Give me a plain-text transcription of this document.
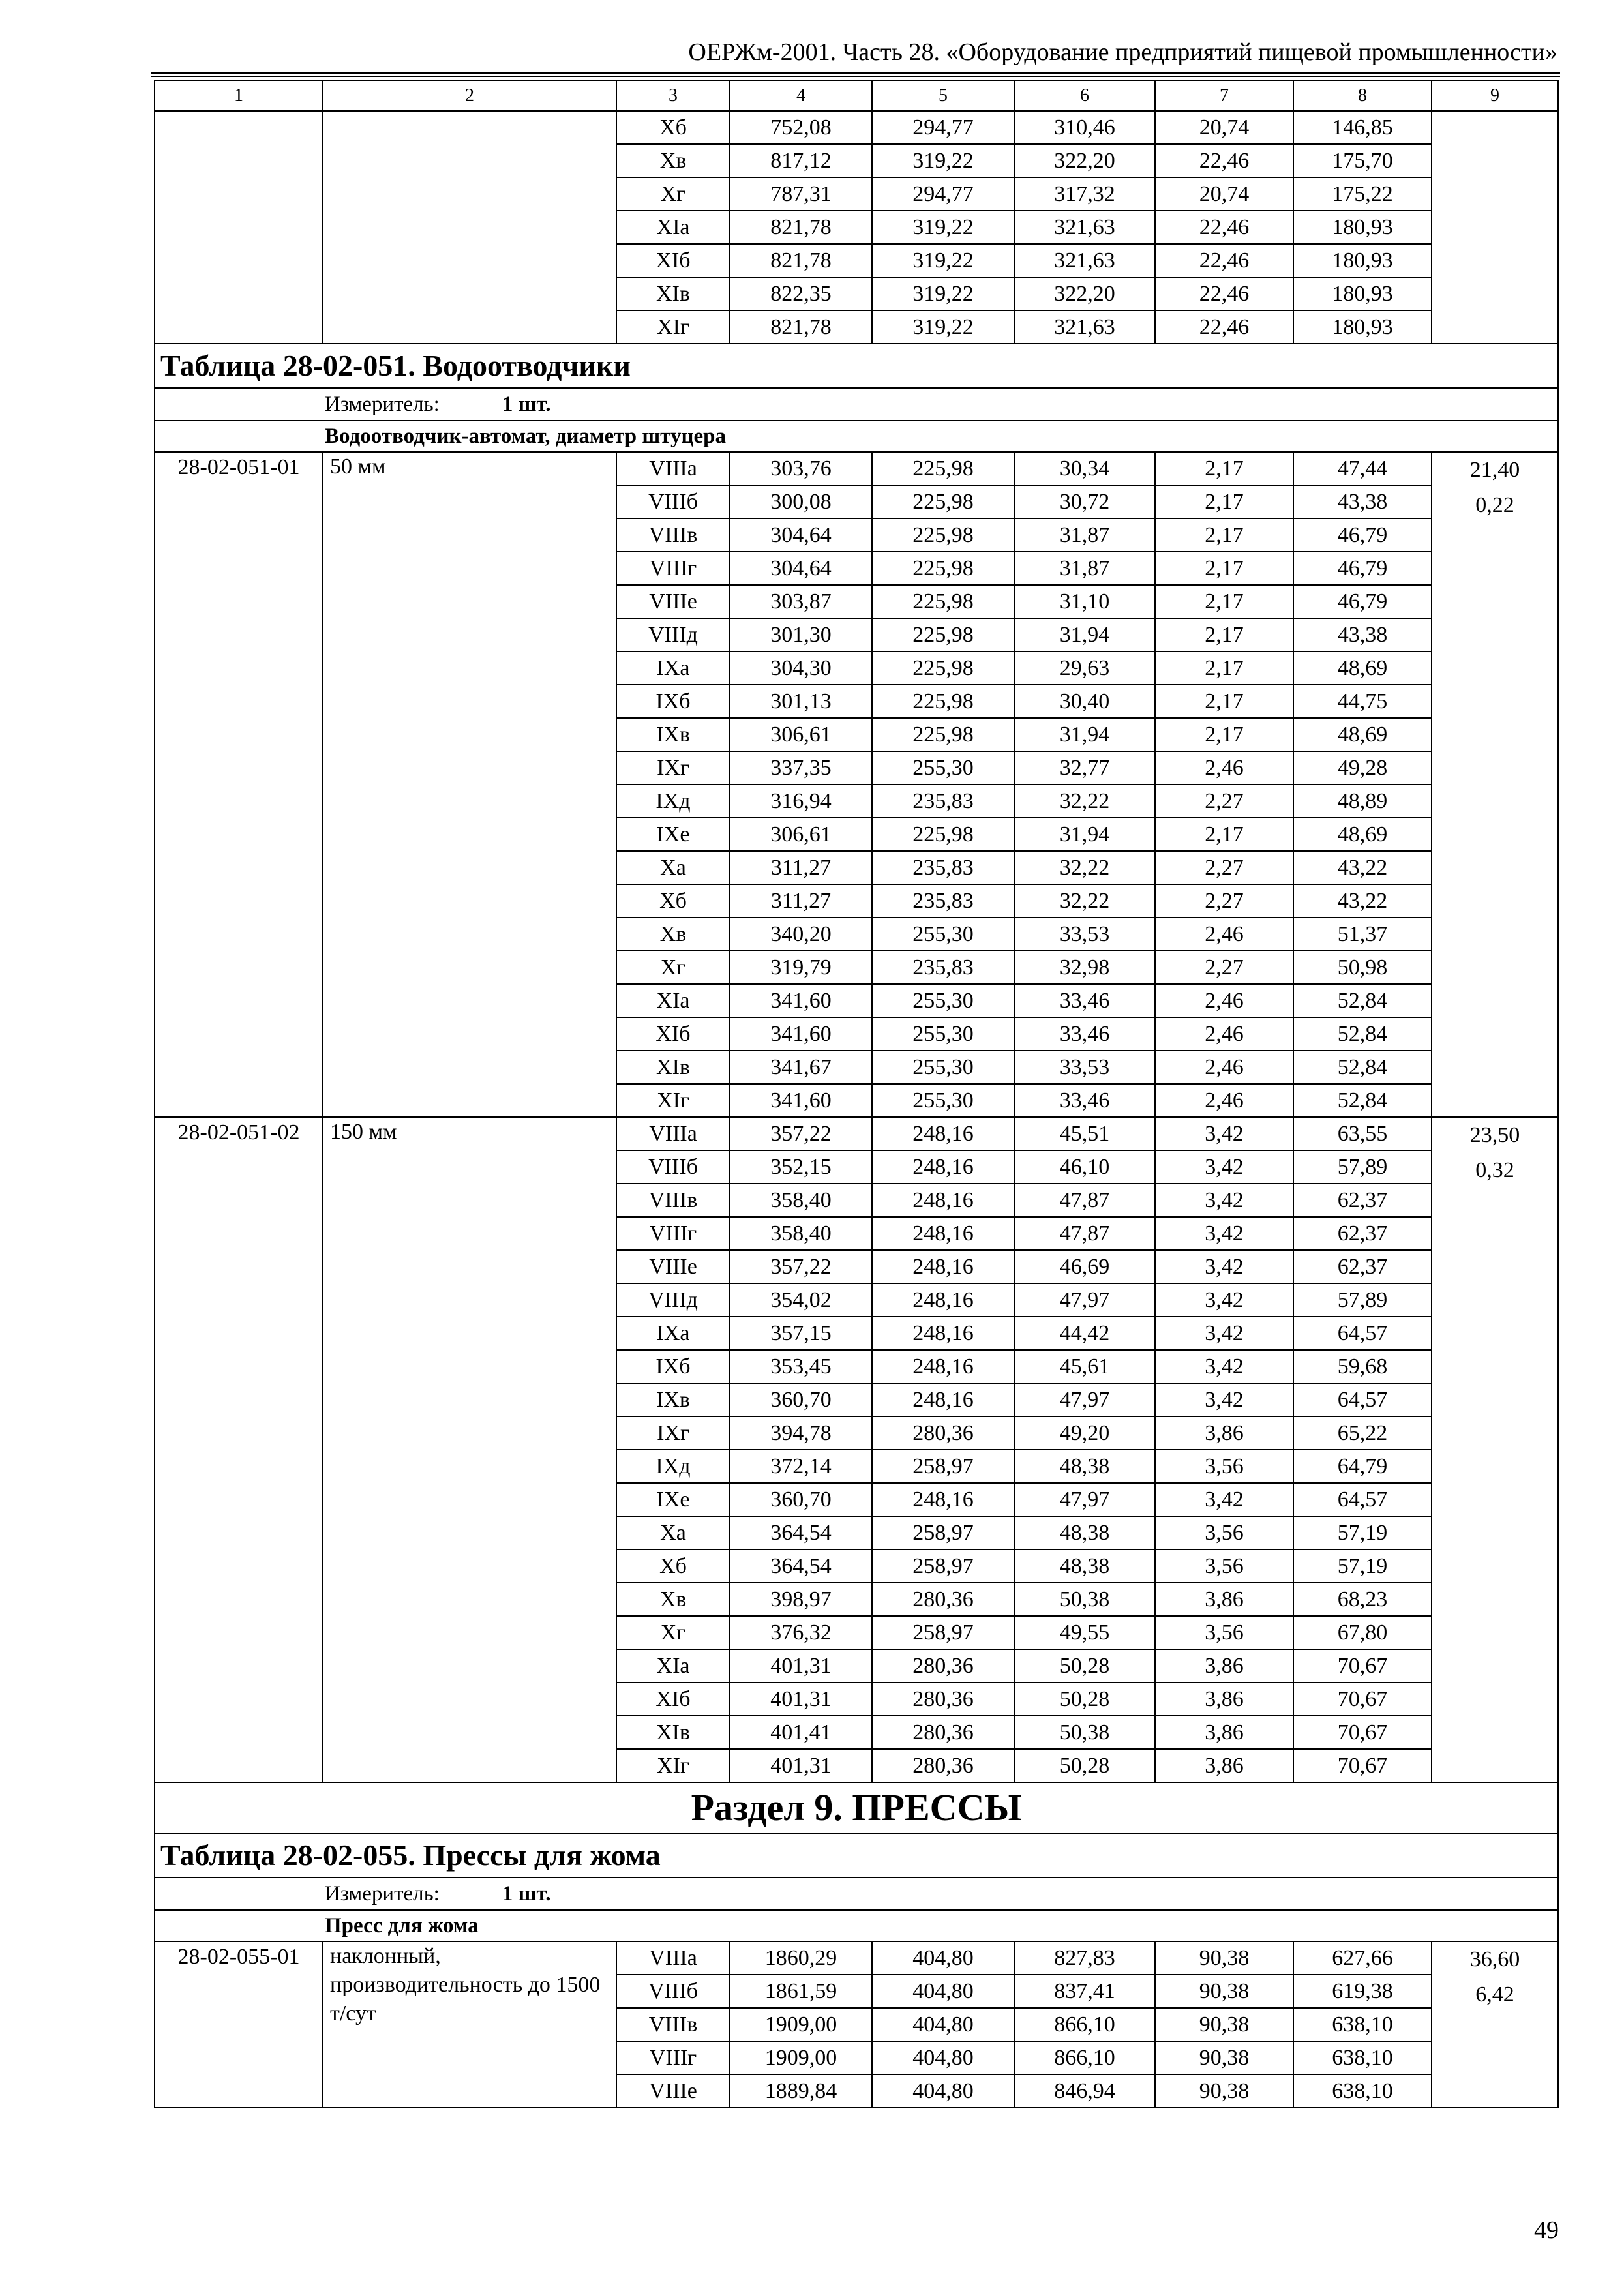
ОЕРЖм-2001. Часть 28. «Оборудование предприятий пищевой промышленности»
1	2	3	4	5	6	7	8	9
		Xб	752,08	294,77	310,46	20,74	146,85	
		Xв	817,12	319,22	322,20	22,46	175,70	
		Xг	787,31	294,77	317,32	20,74	175,22	
		XIа	821,78	319,22	321,63	22,46	180,93	
		XIб	821,78	319,22	321,63	22,46	180,93	
		XIв	822,35	319,22	322,20	22,46	180,93	
		XIг	821,78	319,22	321,63	22,46	180,93	
Таблица 28-02-051. Водоотводчики								
Измеритель: 1 шт.								
Водоотводчик-автомат, диаметр штуцера								
28-02-051-01	50 мм	VIIIа	303,76	225,98	30,34	2,17	47,44	21,40
0,22

		VIIIб	300,08	225,98	30,72	2,17	43,38	
		VIIIв	304,64	225,98	31,87	2,17	46,79	
		VIIIг	304,64	225,98	31,87	2,17	46,79	
		VIIIе	303,87	225,98	31,10	2,17	46,79	
		VIIIд	301,30	225,98	31,94	2,17	43,38	
		IXа	304,30	225,98	29,63	2,17	48,69	
		IXб	301,13	225,98	30,40	2,17	44,75	
		IXв	306,61	225,98	31,94	2,17	48,69	
		IXг	337,35	255,30	32,77	2,46	49,28	
		IXд	316,94	235,83	32,22	2,27	48,89	
		IXе	306,61	225,98	31,94	2,17	48,69	
		Xа	311,27	235,83	32,22	2,27	43,22	
		Xб	311,27	235,83	32,22	2,27	43,22	
		Xв	340,20	255,30	33,53	2,46	51,37	
		Xг	319,79	235,83	32,98	2,27	50,98	
		XIа	341,60	255,30	33,46	2,46	52,84	
		XIб	341,60	255,30	33,46	2,46	52,84	
		XIв	341,67	255,30	33,53	2,46	52,84	
		XIг	341,60	255,30	33,46	2,46	52,84	
28-02-051-02	150 мм	VIIIа	357,22	248,16	45,51	3,42	63,55	23,50
0,32

		VIIIб	352,15	248,16	46,10	3,42	57,89	
		VIIIв	358,40	248,16	47,87	3,42	62,37	
		VIIIг	358,40	248,16	47,87	3,42	62,37	
		VIIIе	357,22	248,16	46,69	3,42	62,37	
		VIIIд	354,02	248,16	47,97	3,42	57,89	
		IXа	357,15	248,16	44,42	3,42	64,57	
		IXб	353,45	248,16	45,61	3,42	59,68	
		IXв	360,70	248,16	47,97	3,42	64,57	
		IXг	394,78	280,36	49,20	3,86	65,22	
		IXд	372,14	258,97	48,38	3,56	64,79	
		IXе	360,70	248,16	47,97	3,42	64,57	
		Xа	364,54	258,97	48,38	3,56	57,19	
		Xб	364,54	258,97	48,38	3,56	57,19	
		Xв	398,97	280,36	50,38	3,86	68,23	
		Xг	376,32	258,97	49,55	3,56	67,80	
		XIа	401,31	280,36	50,28	3,86	70,67	
		XIб	401,31	280,36	50,28	3,86	70,67	
		XIв	401,41	280,36	50,38	3,86	70,67	
		XIг	401,31	280,36	50,28	3,86	70,67	
Раздел 9. ПРЕССЫ								
Таблица 28-02-055. Прессы для жома								
Измеритель: 1 шт.								
Пресс для жома								
28-02-055-01	наклонный, производительность до 1500 т/сут	VIIIа	1860,29	404,80	827,83	90,38	627,66	36,60
6,42

		VIIIб	1861,59	404,80	837,41	90,38	619,38	
		VIIIв	1909,00	404,80	866,10	90,38	638,10	
		VIIIг	1909,00	404,80	866,10	90,38	638,10	
		VIIIе	1889,84	404,80	846,94	90,38	638,10	
49
